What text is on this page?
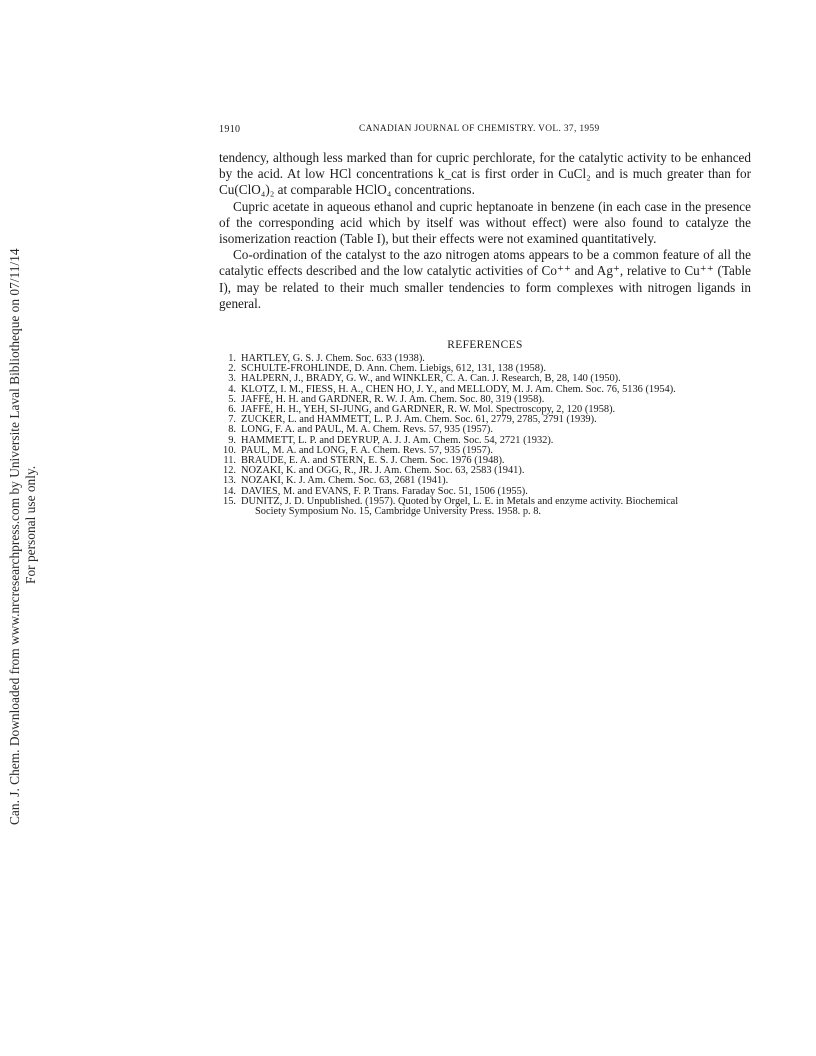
Can. J. Chem. Downloaded from www.nrcresearchpress.com by Universite Laval Bibliotheque on 07/11/14 For personal use only.
1910	CANADIAN JOURNAL OF CHEMISTRY. VOL. 37, 1959

tendency, although less marked than for cupric perchlorate, for the catalytic activity to be enhanced by the acid. At low HCl concentrations k_cat is first order in CuCl₂ and is much greater than for Cu(ClO₄)₂ at comparable HClO₄ concentrations.

Cupric acetate in aqueous ethanol and cupric heptanoate in benzene (in each case in the presence of the corresponding acid which by itself was without effect) were also found to catalyze the isomerization reaction (Table I), but their effects were not examined quantitatively.

Co-ordination of the catalyst to the azo nitrogen atoms appears to be a common feature of all the catalytic effects described and the low catalytic activities of Co⁺⁺ and Ag⁺, relative to Cu⁺⁺ (Table I), may be related to their much smaller tendencies to form complexes with nitrogen ligands in general.

REFERENCES
1. HARTLEY, G. S. J. Chem. Soc. 633 (1938).
2. SCHULTE-FROHLINDE, D. Ann. Chem. Liebigs, 612, 131, 138 (1958).
3. HALPERN, J., BRADY, G. W., and WINKLER, C. A. Can. J. Research, B, 28, 140 (1950).
4. KLOTZ, I. M., FIESS, H. A., CHEN HO, J. Y., and MELLODY, M. J. Am. Chem. Soc. 76, 5136 (1954).
5. JAFFÉ, H. H. and GARDNER, R. W. J. Am. Chem. Soc. 80, 319 (1958).
6. JAFFÉ, H. H., YEH, SI-JUNG, and GARDNER, R. W. Mol. Spectroscopy, 2, 120 (1958).
7. ZUCKER, L. and HAMMETT, L. P. J. Am. Chem. Soc. 61, 2779, 2785, 2791 (1939).
8. LONG, F. A. and PAUL, M. A. Chem. Revs. 57, 935 (1957).
9. HAMMETT, L. P. and DEYRUP, A. J. J. Am. Chem. Soc. 54, 2721 (1932).
10. PAUL, M. A. and LONG, F. A. Chem. Revs. 57, 935 (1957).
11. BRAUDE, E. A. and STERN, E. S. J. Chem. Soc. 1976 (1948).
12. NOZAKI, K. and OGG, R., JR. J. Am. Chem. Soc. 63, 2583 (1941).
13. NOZAKI, K. J. Am. Chem. Soc. 63, 2681 (1941).
14. DAVIES, M. and EVANS, F. P. Trans. Faraday Soc. 51, 1506 (1955).
15. DUNITZ, J. D. Unpublished. (1957). Quoted by Orgel, L. E. in Metals and enzyme activity. Biochemical
Society Symposium No. 15, Cambridge University Press. 1958. p. 8.
